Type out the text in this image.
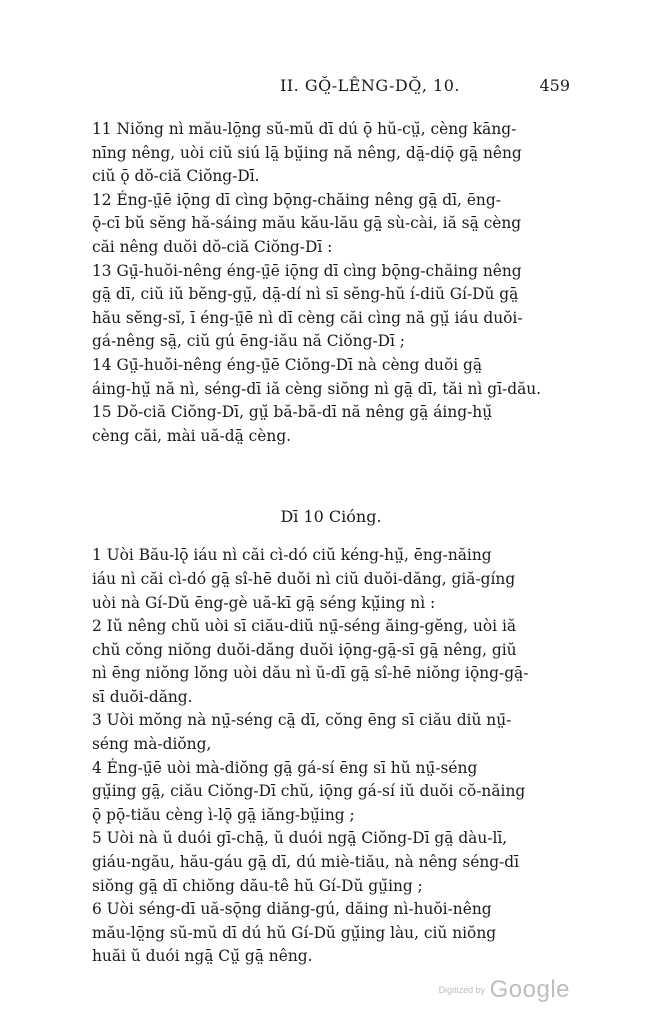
II. GŎ̤-LÊNG-DŎ̤, 10.	459
11 Niŏng nì mău-lō̤ng sŭ-mŭ dī dú ǭ hŭ-cṳ̆, cèng kāng-
nīng nêng, uòi ciŭ siú lā̤ bṳ̆ing nă nêng, dā̤-diǭ gā̤ nêng
ciŭ ǭ dŏ-ciă Ciŏng-Dī.
12 Éng-ṳ̄ē iǭng dī cìng bǭng-chăing nêng gā̤ dī, ēng-
ǭ-cī bŭ sĕng hă-sáing mău kău-lău gā̤ sù-cài, iă sā̤ cèng
căi nêng duŏi dŏ-ciă Ciŏng-Dī :
13 Gṳ̄-huŏi-nêng éng-ṳ̄ē iǭng dī cìng bǭng-chăing nêng
gā̤ dī, ciŭ iŭ bĕng-gṳ̆, dā̤-dí nì sī sĕng-hŭ í-diŭ Gí-Dŭ gā̤
hău sĕng-sĭ, ī éng-ṳ̄ē nì dī cèng căi cìng nă gṳ̆ iáu duŏi-
gá-nêng sā̤, ciŭ gú ēng-iău nă Ciŏng-Dī ;
14 Gṳ̄-huŏi-nêng éng-ṳ̄ē Ciŏng-Dī nà cèng duŏi gā̤
áing-hṳ̆ nă nì, séng-dī iă cèng siŏng nì gā̤ dī, tăi nì gī-dău.
15 Dŏ-ciă Ciŏng-Dī, gṳ̆ bă-bă-dī nă nêng gā̤ áing-hṳ̆
cèng căi, mài uă-dā̤ cèng.
Dī 10 Cióng.
1 Uòi Bău-lǭ iáu nì căi cì-dó ciŭ kéng-hṳ̆, ēng-năing
iáu nì căi cì-dó gā̤ sî-hē duŏi nì ciŭ duŏi-dăng, giă-gíng
uòi nà Gí-Dŭ ēng-gè uă-kī gā̤ séng kṳ̆ing nì :
2 Iŭ nêng chŭ uòi sī ciău-diŭ nṳ̄-séng ăing-gĕng, uòi iă
chŭ cŏng niŏng duŏi-dăng duŏi iǭng-gā̤-sī gā̤ nêng, giŭ
nì ēng niŏng lŏng uòi dău nì ŭ-dī gā̤ sî-hē niŏng iǭng-gā̤-
sī duŏi-dăng.
3 Uòi mŏng nà nṳ̄-séng cā̤ dī, cŏng ēng sī ciău diŭ nṳ̄-
séng mà-diŏng,
4 Éng-ṳ̄ē uòi mà-diŏng gā̤ gá-sí ēng sī hŭ nṳ̄-séng
gṳ̆ing gā̤, ciău Ciŏng-Dī chŭ, iǭng gá-sí iŭ duŏi cŏ-năing
ǭ pǭ-tiău cèng ì-lǭ gā̤ iăng-bṳ̆ing ;
5 Uòi nà ŭ duói gī-chā̤, ŭ duói ngā̤ Ciŏng-Dī gā̤ dàu-lī,
giáu-ngău, hău-gáu gā̤ dī, dú miè-tiău, nà nêng séng-dī
siŏng gā̤ dī chiŏng dău-tê hŭ Gí-Dŭ gṳ̆ing ;
6 Uòi séng-dī uă-sǭng diăng-gú, dăing nì-huŏi-nêng
mău-lō̤ng sŭ-mŭ dī dú hŭ Gí-Dŭ gṳ̆ing làu, ciŭ niŏng
huăi ŭ duói ngā̤ Cṳ̆ gā̤ nêng.
Digitized by Google
